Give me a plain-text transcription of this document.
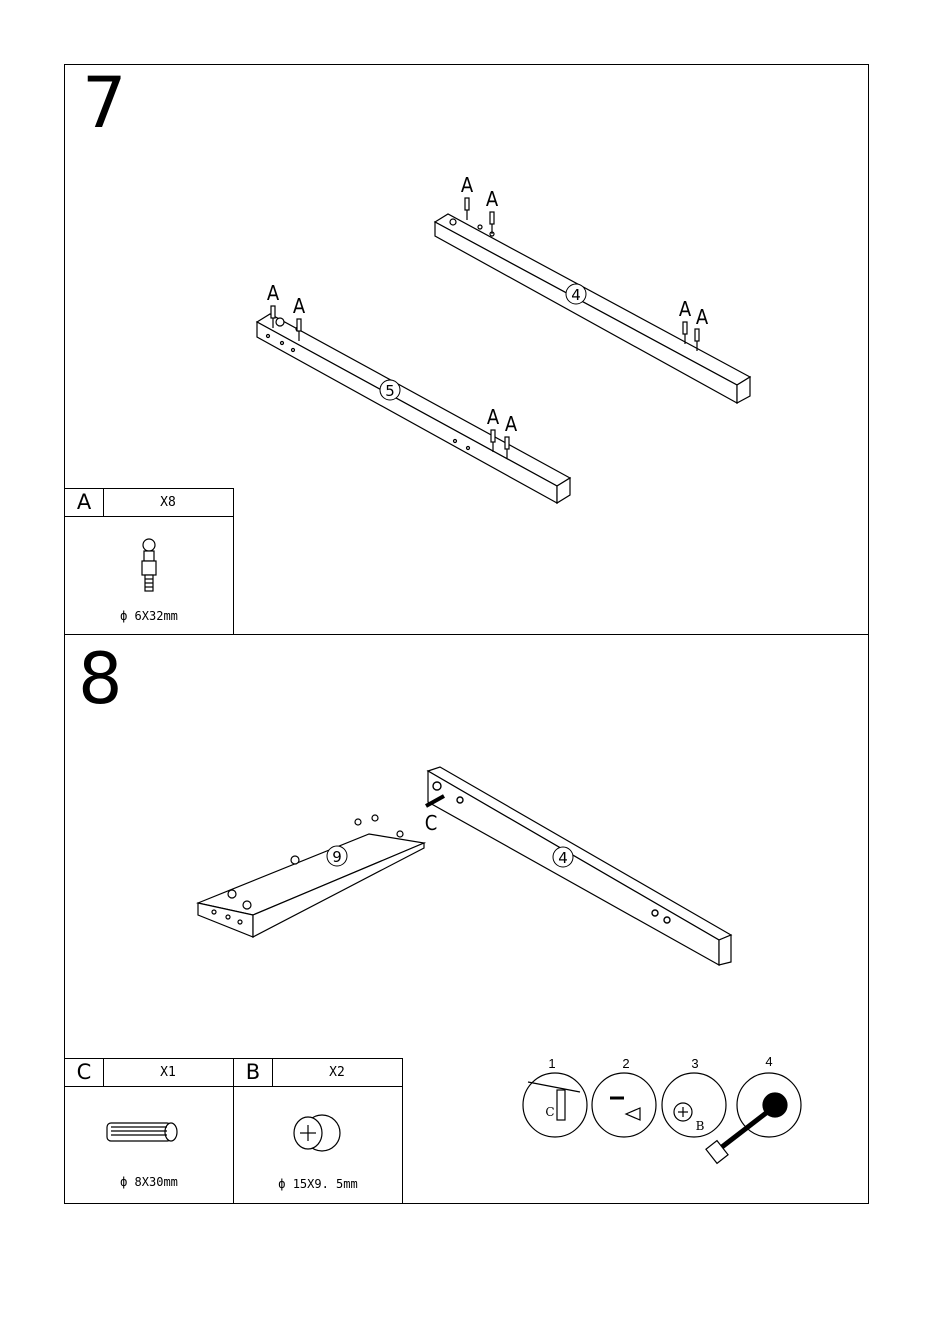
7
8
A
A
A
A	A A
A A
C
4
5
9	4
1	2	3	4
C
B
A	X8
ф 6X32mm
C	X1
ф 8X30mm
B	X2
ф 15X9. 5mm
